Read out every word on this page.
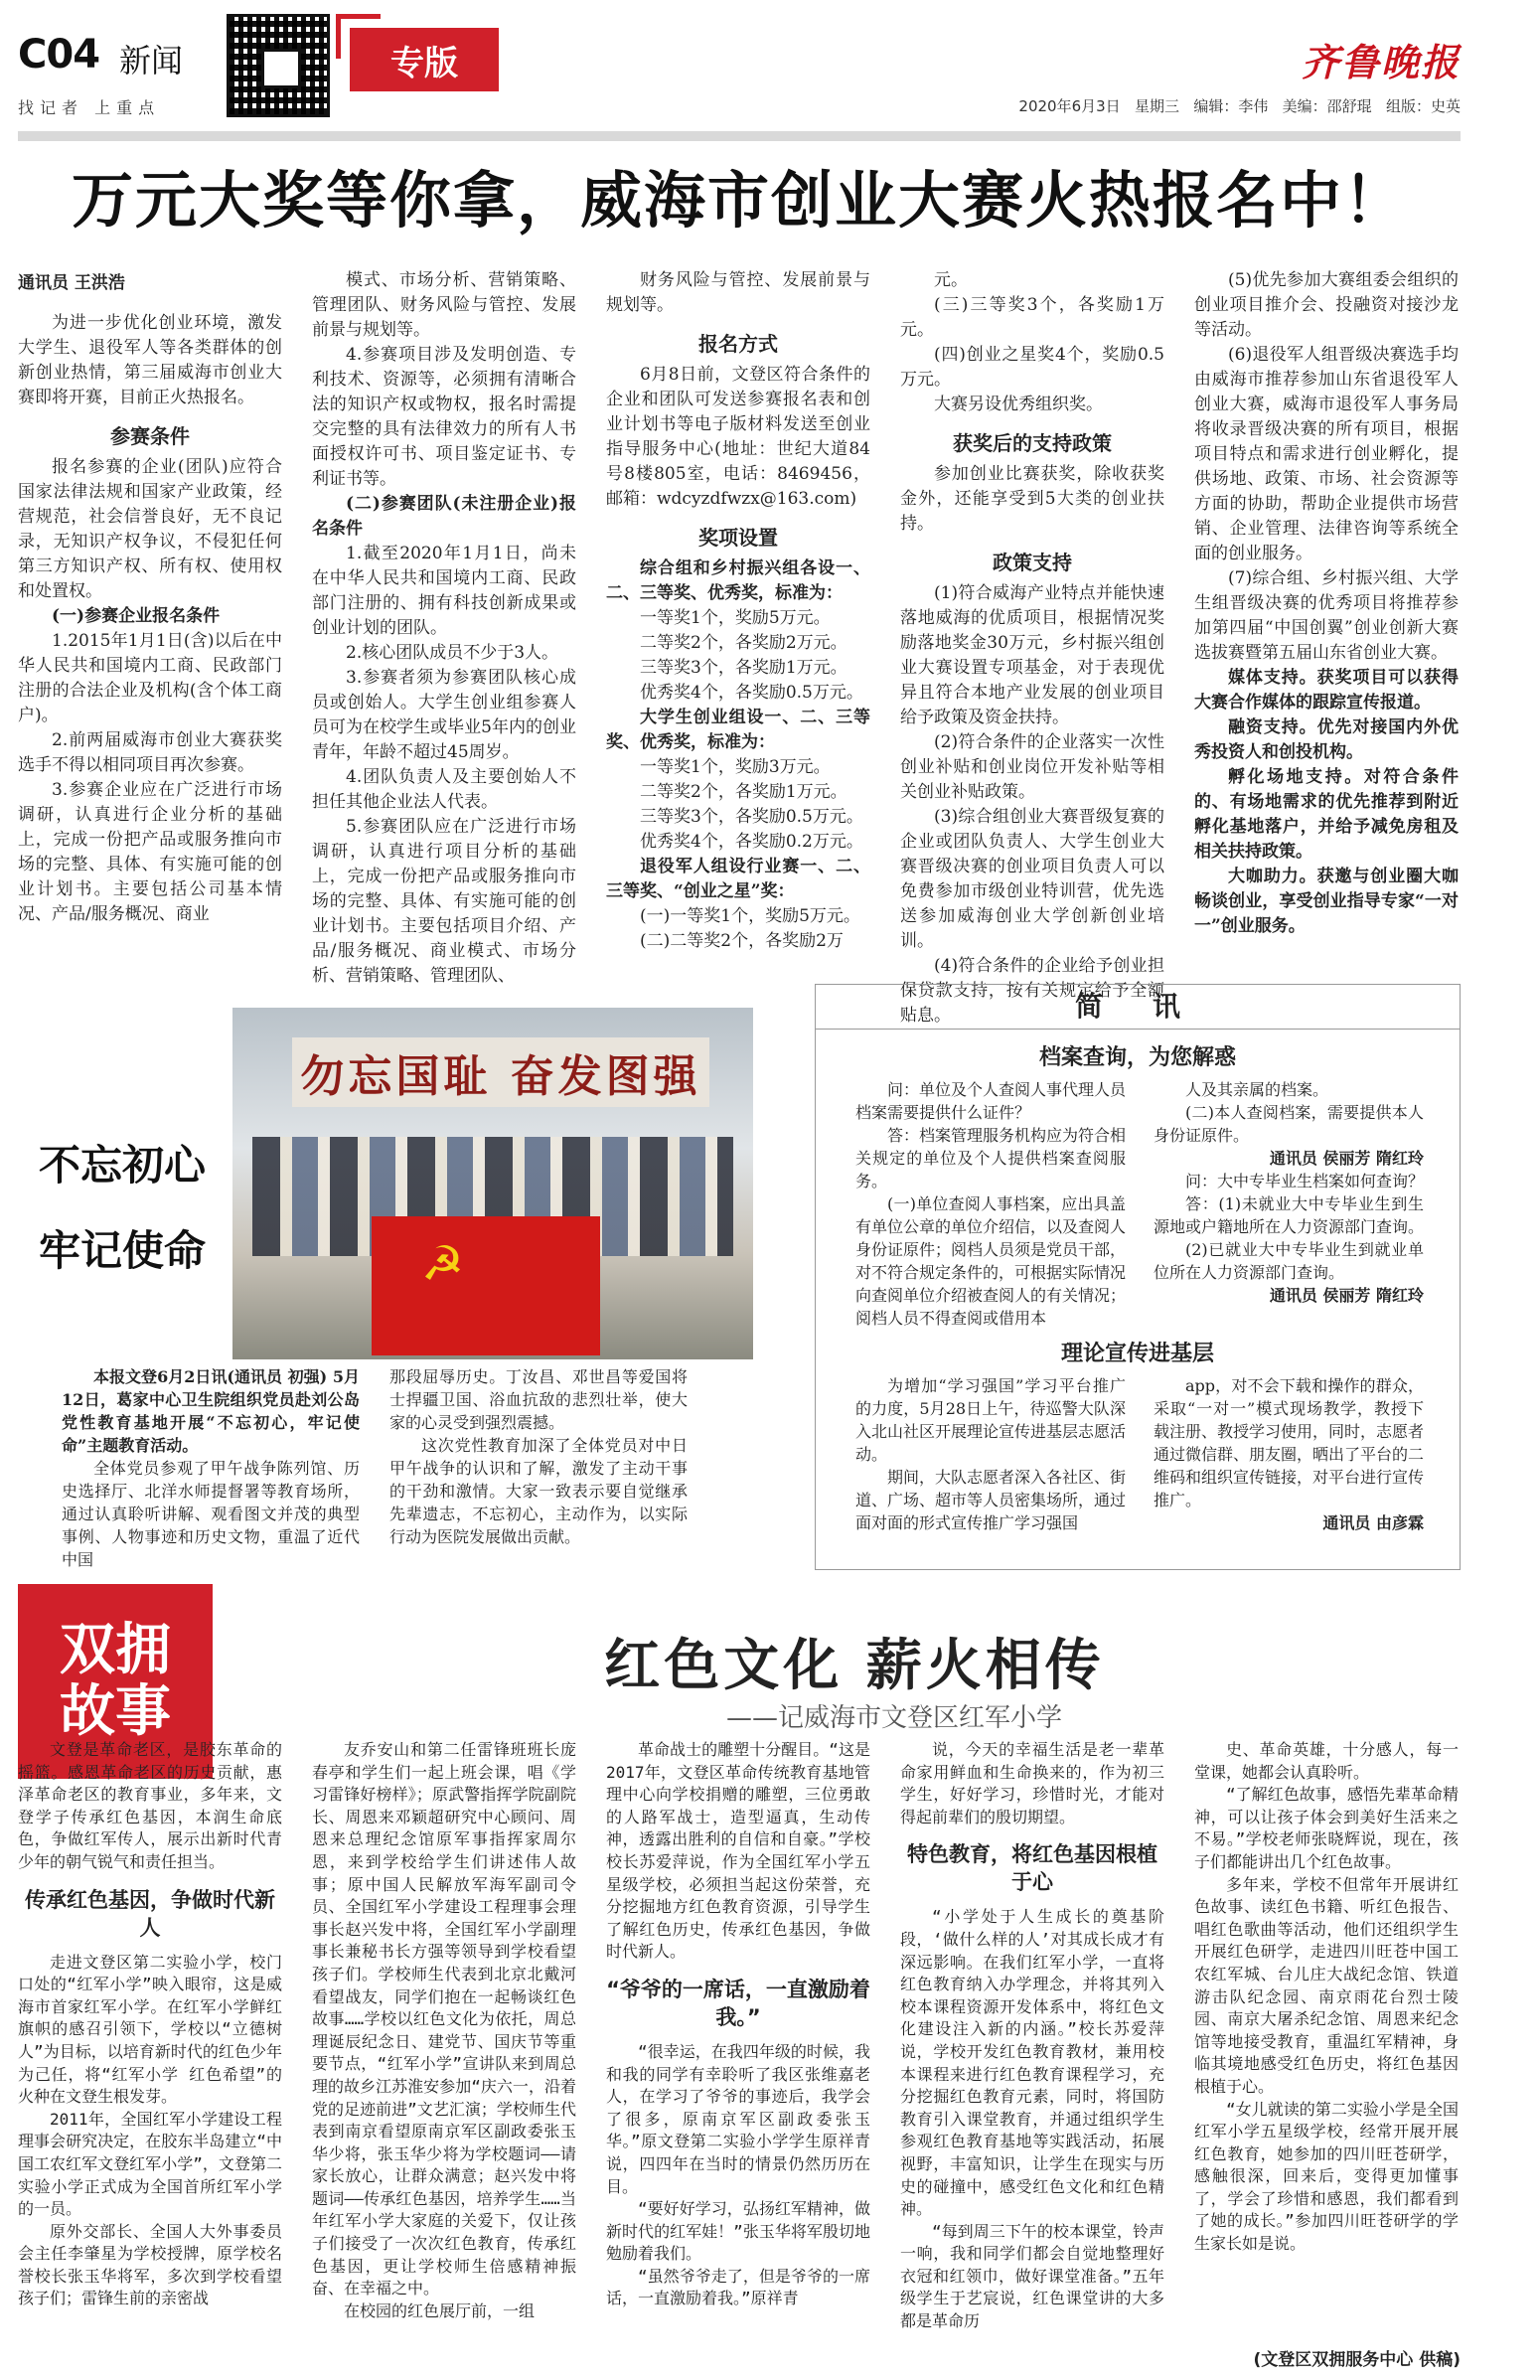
C04 新闻
找记者 上重点
专版	齐鲁晚报
2020年6月3日 星期三 编辑：李伟 美编：邵舒琨 组版：史英
万元大奖等你拿，威海市创业大赛火热报名中！

通讯员 王洪浩

为进一步优化创业环境，激发大学生、退役军人等各类群体的创新创业热情，第三届威海市创业大赛即将开赛，目前正火热报名。

参赛条件

报名参赛的企业(团队)应符合国家法律法规和国家产业政策，经营规范，社会信誉良好，无不良记录，无知识产权争议，不侵犯任何第三方知识产权、所有权、使用权和处置权。

(一)参赛企业报名条件

1.2015年1月1日(含)以后在中华人民共和国境内工商、民政部门注册的合法企业及机构(含个体工商户)。

2.前两届威海市创业大赛获奖选手不得以相同项目再次参赛。

3.参赛企业应在广泛进行市场调研，认真进行企业分析的基础上，完成一份把产品或服务推向市场的完整、具体、有实施可能的创业计划书。主要包括公司基本情况、产品/服务概况、商业

模式、市场分析、营销策略、管理团队、财务风险与管控、发展前景与规划等。

4.参赛项目涉及发明创造、专利技术、资源等，必须拥有清晰合法的知识产权或物权，报名时需提交完整的具有法律效力的所有人书面授权许可书、项目鉴定证书、专利证书等。

(二)参赛团队(未注册企业)报名条件

1.截至2020年1月1日，尚未在中华人民共和国境内工商、民政部门注册的、拥有科技创新成果或创业计划的团队。

2.核心团队成员不少于3人。

3.参赛者须为参赛团队核心成员或创始人。大学生创业组参赛人员可为在校学生或毕业5年内的创业青年，年龄不超过45周岁。

4.团队负责人及主要创始人不担任其他企业法人代表。

5.参赛团队应在广泛进行市场调研，认真进行项目分析的基础上，完成一份把产品或服务推向市场的完整、具体、有实施可能的创业计划书。主要包括项目介绍、产品/服务概况、商业模式、市场分析、营销策略、管理团队、

财务风险与管控、发展前景与规划等。

报名方式

6月8日前，文登区符合条件的企业和团队可发送参赛报名表和创业计划书等电子版材料发送至创业指导服务中心(地址：世纪大道84号8楼805室，电话：8469456，邮箱：wdcyzdfwzx@163.com)

奖项设置

综合组和乡村振兴组各设一、二、三等奖、优秀奖，标准为：

一等奖1个，奖励5万元。

二等奖2个，各奖励2万元。

三等奖3个，各奖励1万元。

优秀奖4个，各奖励0.5万元。

大学生创业组设一、二、三等奖、优秀奖，标准为：

一等奖1个，奖励3万元。

二等奖2个，各奖励1万元。

三等奖3个，各奖励0.5万元。

优秀奖4个，各奖励0.2万元。

退役军人组设行业赛一、二、三等奖、“创业之星”奖：

(一)一等奖1个，奖励5万元。

(二)二等奖2个，各奖励2万

元。

(三)三等奖3个，各奖励1万元。

(四)创业之星奖4个，奖励0.5万元。

大赛另设优秀组织奖。

获奖后的支持政策

参加创业比赛获奖，除收获奖金外，还能享受到5大类的创业扶持。

政策支持

(1)符合威海产业特点并能快速落地威海的优质项目，根据情况奖励落地奖金30万元，乡村振兴组创业大赛设置专项基金，对于表现优异且符合本地产业发展的创业项目给予政策及资金扶持。

(2)符合条件的企业落实一次性创业补贴和创业岗位开发补贴等相关创业补贴政策。

(3)综合组创业大赛晋级复赛的企业或团队负责人、大学生创业大赛晋级决赛的创业项目负责人可以免费参加市级创业特训营，优先选送参加威海创业大学创新创业培训。

(4)符合条件的企业给予创业担保贷款支持，按有关规定给予全额贴息。

(5)优先参加大赛组委会组织的创业项目推介会、投融资对接沙龙等活动。

(6)退役军人组晋级决赛选手均由威海市推荐参加山东省退役军人创业大赛，威海市退役军人事务局将收录晋级决赛的所有项目，根据项目特点和需求进行创业孵化，提供场地、政策、市场、社会资源等方面的协助，帮助企业提供市场营销、企业管理、法律咨询等系统全面的创业服务。

(7)综合组、乡村振兴组、大学生组晋级决赛的优秀项目将推荐参加第四届“中国创翼”创业创新大赛选拔赛暨第五届山东省创业大赛。

媒体支持。获奖项目可以获得大赛合作媒体的跟踪宣传报道。

融资支持。优先对接国内外优秀投资人和创投机构。

孵化场地支持。对符合条件的、有场地需求的优先推荐到附近孵化基地落户，并给予减免房租及相关扶持政策。

大咖助力。获邀与创业圈大咖畅谈创业，享受创业指导专家“一对一”创业服务。

不忘初心
牢记使命
勿忘国耻 奋发图强
☭

本报文登6月2日讯(通讯员 初强) 5月12日，葛家中心卫生院组织党员赴刘公岛党性教育基地开展“不忘初心，牢记使命”主题教育活动。

全体党员参观了甲午战争陈列馆、历史选择厅、北洋水师提督署等教育场所，通过认真聆听讲解、观看图文并茂的典型事例、人物事迹和历史文物，重温了近代中国

那段屈辱历史。丁汝昌、邓世昌等爱国将士捍疆卫国、浴血抗敌的悲烈壮举，使大家的心灵受到强烈震撼。

这次党性教育加深了全体党员对中日甲午战争的认识和了解，激发了主动干事的干劲和激情。大家一致表示要自觉继承先辈遗志，不忘初心，主动作为，以实际行动为医院发展做出贡献。

简 讯
档案查询，为您解惑

问：单位及个人查阅人事代理人员档案需要提供什么证件？

答：档案管理服务机构应为符合相关规定的单位及个人提供档案查阅服务。

(一)单位查阅人事档案，应出具盖有单位公章的单位介绍信，以及查阅人身份证原件；阅档人员须是党员干部，对不符合规定条件的，可根据实际情况向查阅单位介绍被查阅人的有关情况；阅档人员不得查阅或借用本

人及其亲属的档案。

(二)本人查阅档案，需要提供本人身份证原件。

通讯员 侯丽芳 隋红玲

问：大中专毕业生档案如何查询？

答：(1)未就业大中专毕业生到生源地或户籍地所在人力资源部门查询。

(2)已就业大中专毕业生到就业单位所在人力资源部门查询。

通讯员 侯丽芳 隋红玲

理论宣传进基层

为增加“学习强国”学习平台推广的力度，5月28日上午，待巡警大队深入北山社区开展理论宣传进基层志愿活动。

期间，大队志愿者深入各社区、街道、广场、超市等人员密集场所，通过面对面的形式宣传推广学习强国

app，对不会下载和操作的群众，采取“一对一”模式现场教学，教授下载注册、教授学习使用，同时，志愿者通过微信群、朋友圈，晒出了平台的二维码和组织宣传链接，对平台进行宣传推广。

通讯员 由彦霖

双拥
故事
红色文化 薪火相传
——记威海市文登区红军小学

文登是革命老区，是胶东革命的摇篮。感恩革命老区的历史贡献，惠泽革命老区的教育事业，多年来，文登学子传承红色基因，本润生命底色，争做红军传人，展示出新时代青少年的朝气锐气和责任担当。

传承红色基因，争做时代新人

走进文登区第二实验小学，校门口处的“红军小学”映入眼帘，这是威海市首家红军小学。在红军小学鲜红旗帜的感召引领下，学校以“立德树人”为目标，以培育新时代的红色少年为己任，将“红军小学 红色希望”的火种在文登生根发芽。

2011年，全国红军小学建设工程理事会研究决定，在胶东半岛建立“中国工农红军文登红军小学”，文登第二实验小学正式成为全国首所红军小学的一员。

原外交部长、全国人大外事委员会主任李肇星为学校授牌，原学校名誉校长张玉华将军，多次到学校看望孩子们；雷锋生前的亲密战

友乔安山和第二任雷锋班班长庞春亭和学生们一起上班会课，唱《学习雷锋好榜样》；原武警指挥学院副院长、周恩来邓颖超研究中心顾问、周恩来总理纪念馆原军事指挥家周尔恩，来到学校给学生们讲述伟人故事；原中国人民解放军海军副司令员、全国红军小学建设工程理事会理事长赵兴发中将，全国红军小学副理事长兼秘书长方强等领导到学校看望孩子们。学校师生代表到北京北戴河看望战友，同学们抱在一起畅谈红色故事……学校以红色文化为依托，周总理诞辰纪念日、建党节、国庆节等重要节点，“红军小学”宣讲队来到周总理的故乡江苏淮安参加“庆六一，沿着党的足迹前进”文艺汇演；学校师生代表到南京看望原南京军区副政委张玉华少将，张玉华少将为学校题词——请家长放心，让群众满意；赵兴发中将题词——传承红色基因，培养学生……当年红军小学大家庭的关爱下，仅让孩子们接受了一次次红色教育，传承红色基因，更让学校师生倍感精神振奋、在幸福之中。

在校园的红色展厅前，一组

革命战士的雕塑十分醒目。“这是2017年，文登区革命传统教育基地管理中心向学校捐赠的雕塑，三位勇敢的人路军战士，造型逼真，生动传神，透露出胜利的自信和自豪。”学校校长苏爱萍说，作为全国红军小学五星级学校，必须担当起这份荣誉，充分挖掘地方红色教育资源，引导学生了解红色历史，传承红色基因，争做时代新人。

“爷爷的一席话，一直激励着我。”

“很幸运，在我四年级的时候，我和我的同学有幸聆听了我区张维嘉老人，在学习了爷爷的事迹后，我学会了很多，原南京军区副政委张玉华。”原文登第二实验小学学生原祥青说，四四年在当时的情景仍然历历在目。

“要好好学习，弘扬红军精神，做新时代的红军娃！”张玉华将军殷切地勉励着我们。

“虽然爷爷走了，但是爷爷的一席话，一直激励着我。”原祥青

说，今天的幸福生活是老一辈革命家用鲜血和生命换来的，作为初三学生，好好学习，珍惜时光，才能对得起前辈们的殷切期望。

特色教育，将红色基因根植于心

“小学处于人生成长的奠基阶段，‘做什么样的人’对其成长成才有深远影响。在我们红军小学，一直将红色教育纳入办学理念，并将其列入校本课程资源开发体系中，将红色文化建设注入新的内涵。”校长苏爱萍说，学校开发红色教育教材，兼用校本课程来进行红色教育课程学习，充分挖掘红色教育元素，同时，将国防教育引入课堂教育，并通过组织学生参观红色教育基地等实践活动，拓展视野，丰富知识，让学生在现实与历史的碰撞中，感受红色文化和红色精神。

“每到周三下午的校本课堂，铃声一响，我和同学们都会自觉地整理好衣冠和红领巾，做好课堂准备。”五年级学生于艺宸说，红色课堂讲的大多都是革命历

史、革命英雄，十分感人，每一堂课，她都会认真聆听。

“了解红色故事，感悟先辈革命精神，可以让孩子体会到美好生活来之不易。”学校老师张晓辉说，现在，孩子们都能讲出几个红色故事。

多年来，学校不但常年开展讲红色故事、读红色书籍、听红色报告、唱红色歌曲等活动，他们还组织学生开展红色研学，走进四川旺苍中国工农红军城、台儿庄大战纪念馆、铁道游击队纪念园、南京雨花台烈士陵园、南京大屠杀纪念馆、周恩来纪念馆等地接受教育，重温红军精神，身临其境地感受红色历史，将红色基因根植于心。

“女儿就读的第二实验小学是全国红军小学五星级学校，经常开展开展红色教育，她参加的四川旺苍研学，感触很深，回来后，变得更加懂事了，学会了珍惜和感恩，我们都看到了她的成长。”参加四川旺苍研学的学生家长如是说。

(文登区双拥服务中心 供稿)
